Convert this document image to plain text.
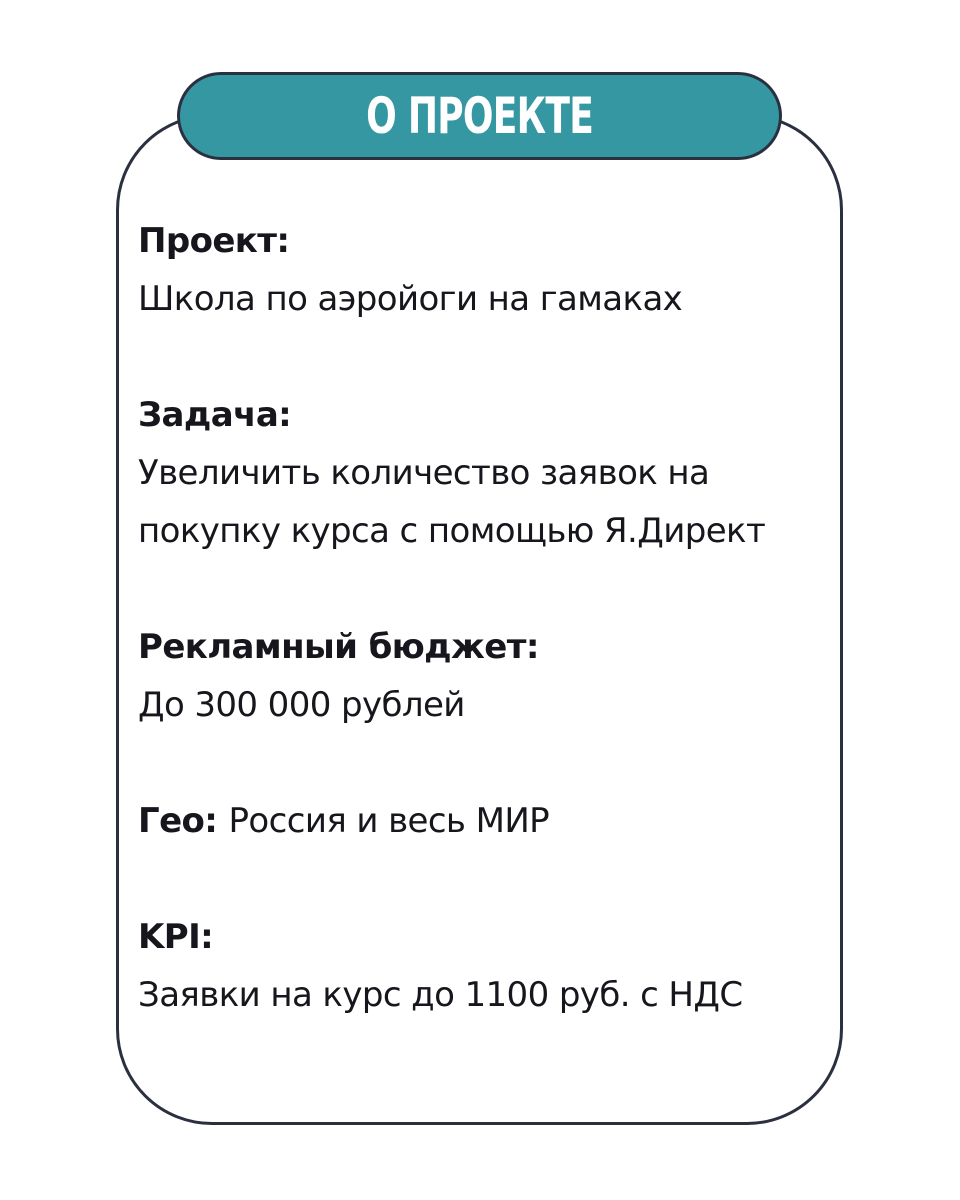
О ПРОЕКТЕ
Проект:
Школа по аэройоги на гамаках
Задача:
Увеличить количество заявок на
покупку курса с помощью Я.Директ
Рекламный бюджет:
До 300 000 рублей
Гео: Россия и весь МИР
KPI:
Заявки на курс до 1100 руб. с НДС
